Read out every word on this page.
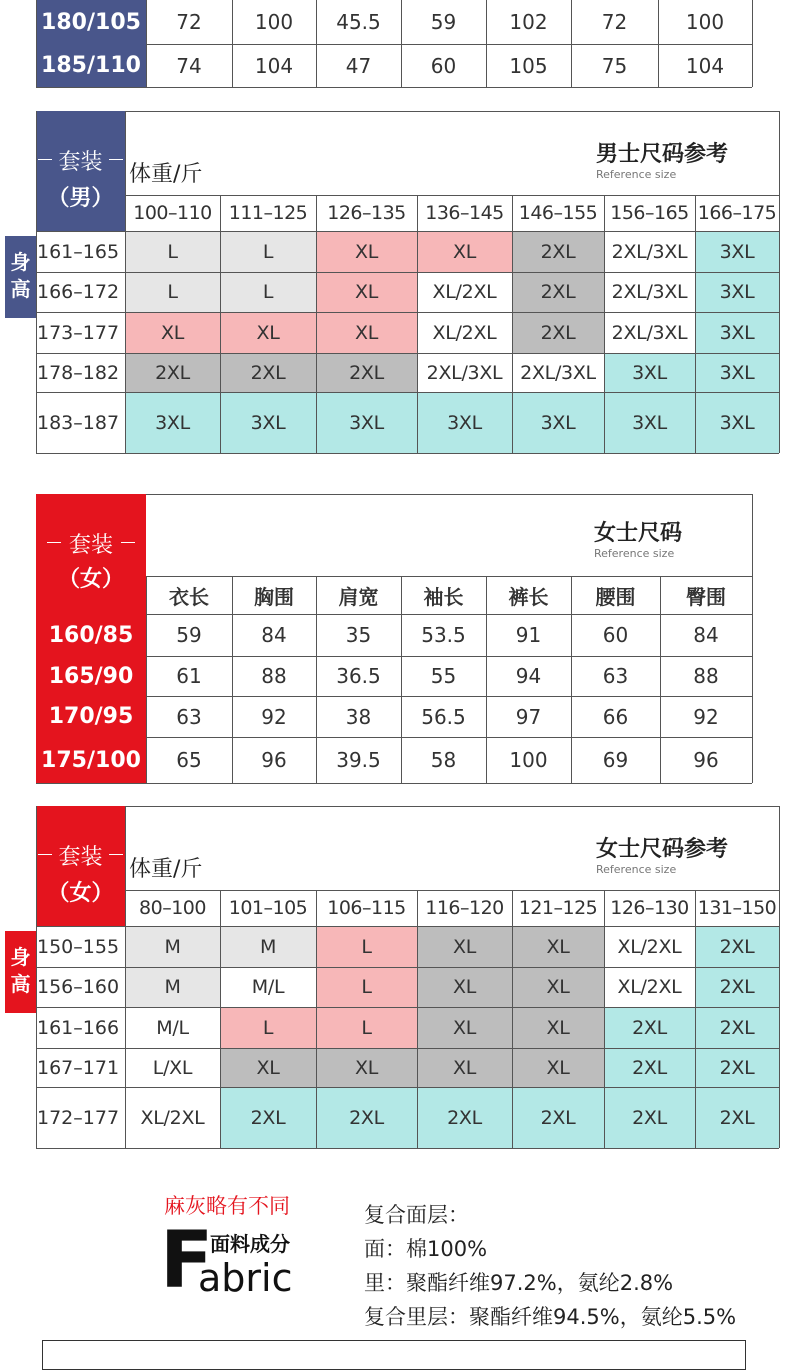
180/105	72	100	45.5	59	102	72	100
185/110	74	104	47	60	105	75	104
套装
（男）
体重/斤
男士尺码参考
Reference size
身
高
100–110 111–125	126–135	136–145 146–155 156–165 166–175
161–165	L	L	XL	XL	2XL	2XL/3XL	3XL
166–172	L	L	XL	XL/2XL	2XL	2XL/3XL	3XL
173–177	XL	XL	XL	XL/2XL	2XL	2XL/3XL	3XL
178–182	2XL	2XL	2XL	2XL/3XL 2XL/3XL	3XL	3XL
183–187	3XL	3XL	3XL	3XL	3XL	3XL	3XL
套装
（女）
女士尺码
Reference size
衣长	胸围	肩宽	袖长	裤长	腰围	臀围
160/85	59	84	35	53.5	91	60	84
165/90	61	88	36.5	55	94	63	88
170/95	63	92	38	56.5	97	66	92
175/100	65	96	39.5	58	100	69	96
套装
（女）
体重/斤
女士尺码参考
Reference size
身
高
80–100	101–105	106–115	116–120 121–125 126–130 131–150
150–155	M	M	L	XL	XL	XL/2XL	2XL
156–160	M	M/L	L	XL	XL	XL/2XL	2XL
161–166	M/L	L	L	XL	XL	2XL	2XL
167–171	L/XL	XL	XL	XL	XL	2XL	2XL
172–177	XL/2XL	2XL	2XL	2XL	2XL	2XL	2XL
麻灰略有不同
F
面料成分
abric
复合面层：
面：棉100%
里：聚酯纤维97.2%，氨纶2.8%
复合里层：聚酯纤维94.5%，氨纶5.5%
